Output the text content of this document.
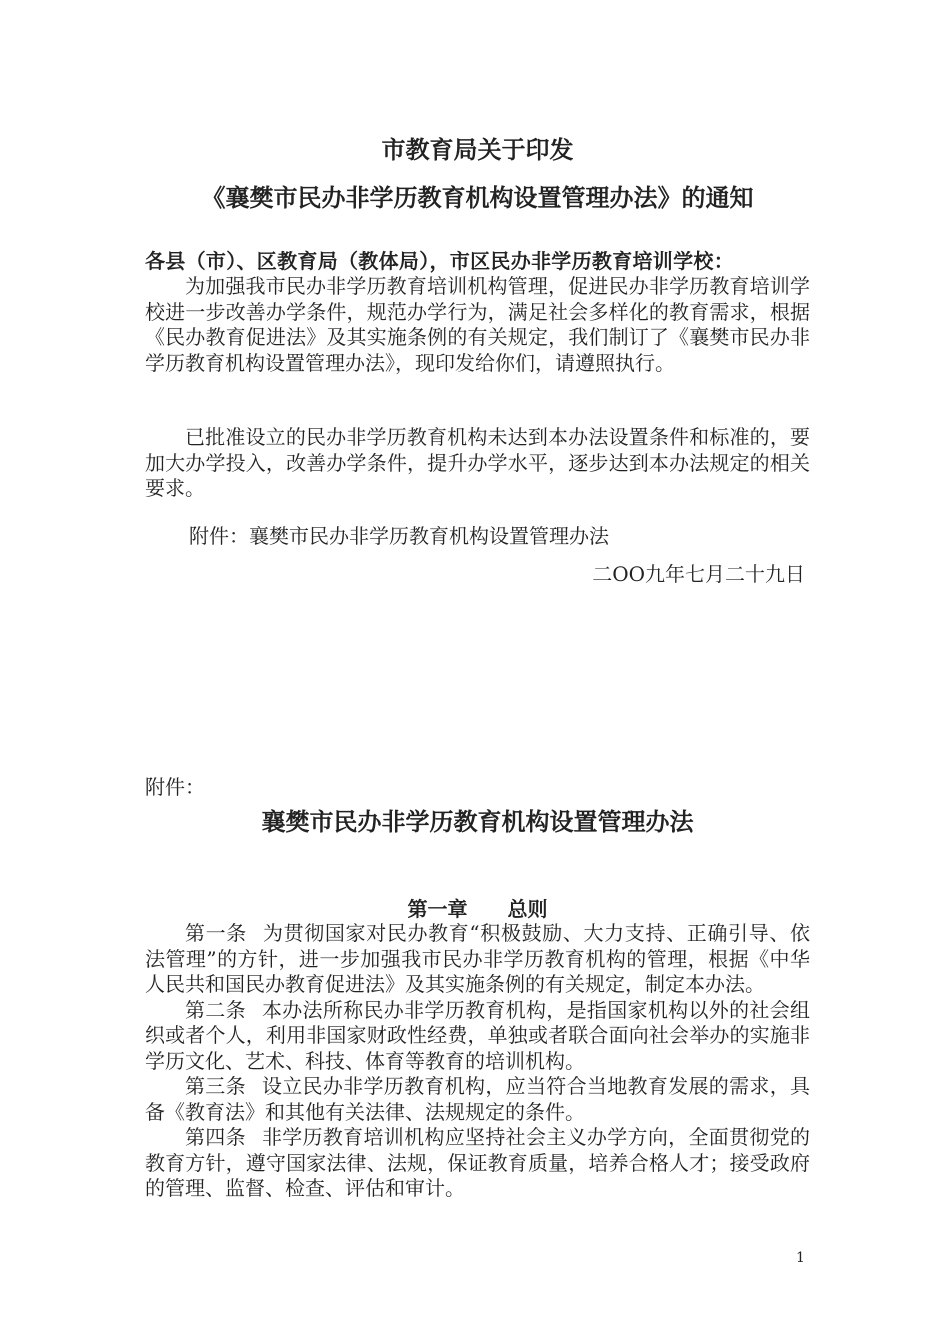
市教育局关于印发
《襄樊市民办非学历教育机构设置管理办法》的通知
各县（市）、区教育局（教体局），市区民办非学历教育培训学校：

为加强我市民办非学历教育培训机构管理，促进民办非学历教育培训学校进一步改善办学条件，规范办学行为，满足社会多样化的教育需求，根据《民办教育促进法》及其实施条例的有关规定，我们制订了《襄樊市民办非学历教育机构设置管理办法》，现印发给你们，请遵照执行。

已批准设立的民办非学历教育机构未达到本办法设置条件和标准的，要加大办学投入，改善办学条件，提升办学水平，逐步达到本办法规定的相关要求。

附件：襄樊市民办非学历教育机构设置管理办法
二OO九年七月二十九日
附件：
襄樊市民办非学历教育机构设置管理办法
第一章　　总则

第一条 为贯彻国家对民办教育“积极鼓励、大力支持、正确引导、依法管理”的方针，进一步加强我市民办非学历教育机构的管理，根据《中华人民共和国民办教育促进法》及其实施条例的有关规定，制定本办法。

第二条 本办法所称民办非学历教育机构，是指国家机构以外的社会组织或者个人，利用非国家财政性经费，单独或者联合面向社会举办的实施非学历文化、艺术、科技、体育等教育的培训机构。

第三条 设立民办非学历教育机构，应当符合当地教育发展的需求，具备《教育法》和其他有关法律、法规规定的条件。

第四条 非学历教育培训机构应坚持社会主义办学方向，全面贯彻党的教育方针，遵守国家法律、法规，保证教育质量，培养合格人才；接受政府的管理、监督、检查、评估和审计。

1
